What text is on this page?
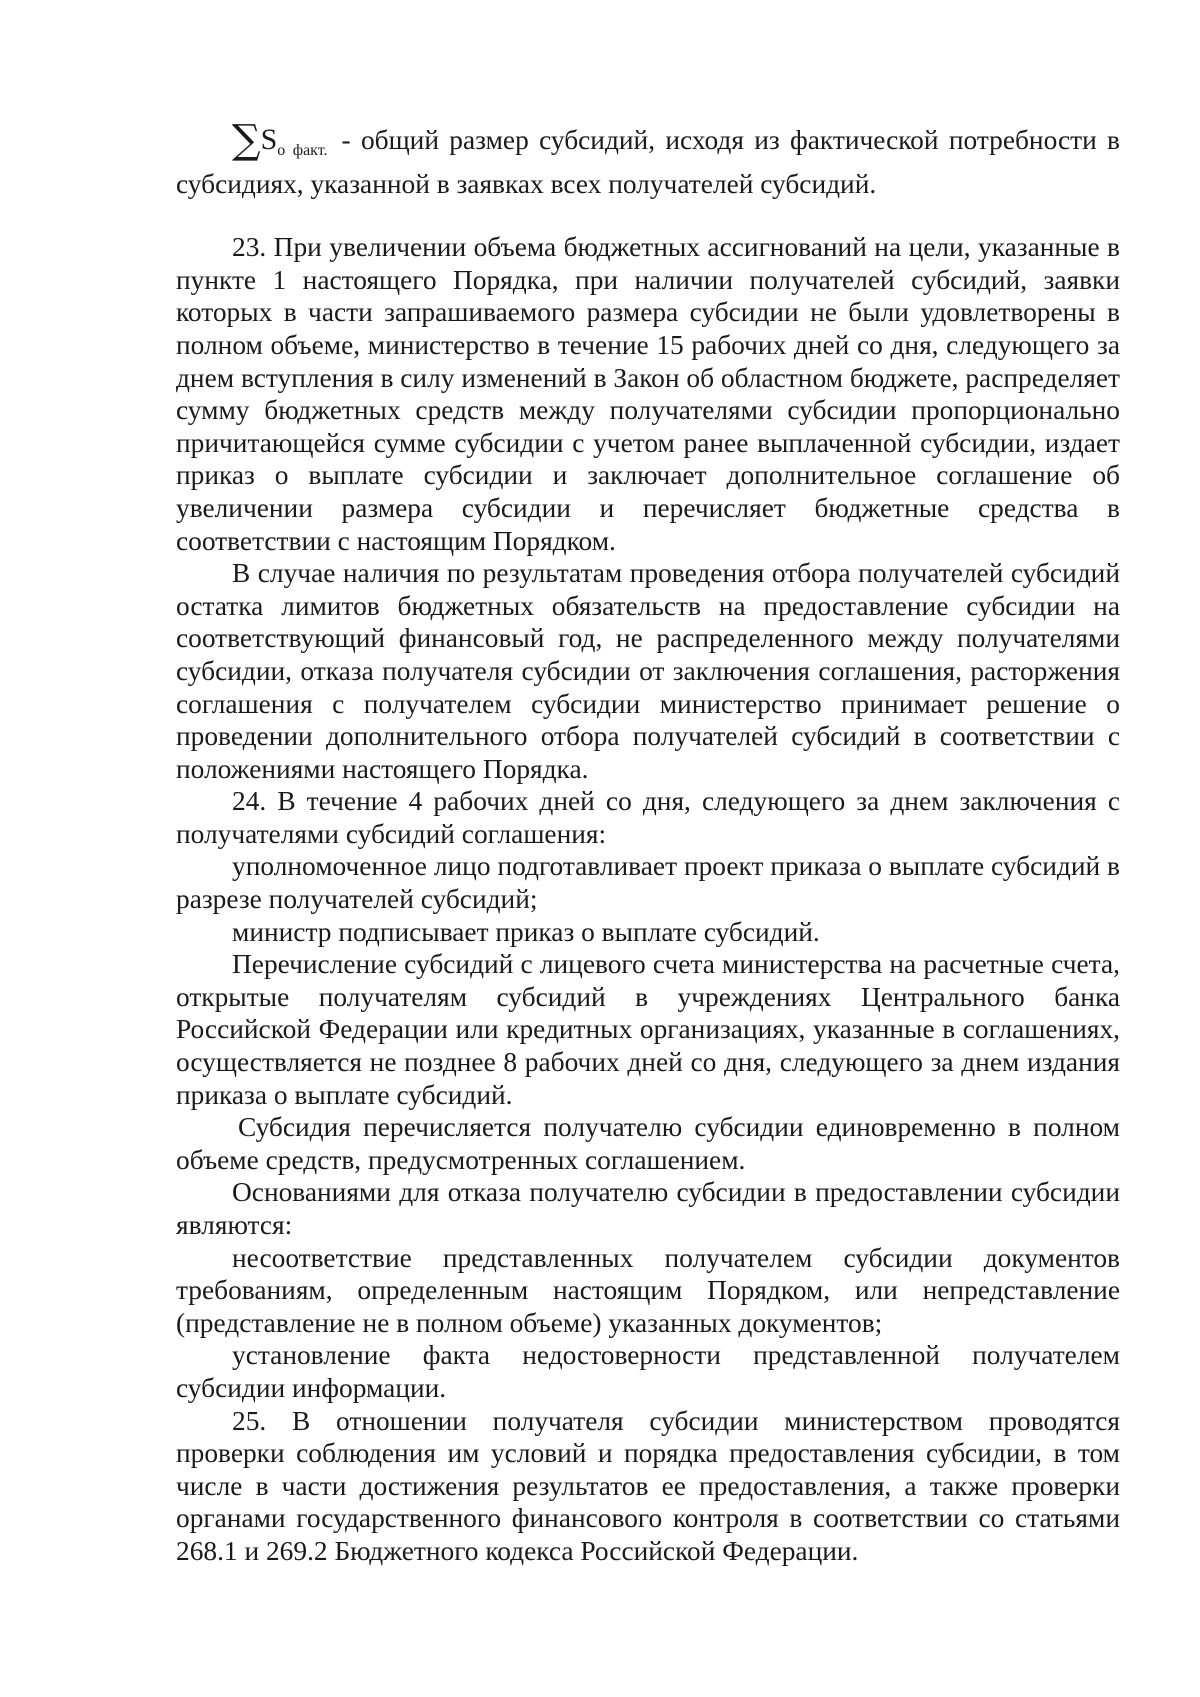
$\sum S_{о факт.}$ - общий размер субсидий, исходя из фактической потребности в субсидиях, указанной в заявках всех получателей субсидий.

23. При увеличении объема бюджетных ассигнований на цели, указанные в пункте 1 настоящего Порядка, при наличии получателей субсидий, заявки которых в части запрашиваемого размера субсидии не были удовлетворены в полном объеме, министерство в течение 15 рабочих дней со дня, следующего за днем вступления в силу изменений в Закон об областном бюджете, распределяет сумму бюджетных средств между получателями субсидии пропорционально причитающейся сумме субсидии с учетом ранее выплаченной субсидии, издает приказ о выплате субсидии и заключает дополнительное соглашение об увеличении размера субсидии и перечисляет бюджетные средства в соответствии с настоящим Порядком.

В случае наличия по результатам проведения отбора получателей субсидий остатка лимитов бюджетных обязательств на предоставление субсидии на соответствующий финансовый год, не распределенного между получателями субсидии, отказа получателя субсидии от заключения соглашения, расторжения соглашения с получателем субсидии министерство принимает решение о проведении дополнительного отбора получателей субсидий в соответствии с положениями настоящего Порядка.

24. В течение 4 рабочих дней со дня, следующего за днем заключения с получателями субсидий соглашения:

уполномоченное лицо подготавливает проект приказа о выплате субсидий в разрезе получателей субсидий;

министр подписывает приказ о выплате субсидий.

Перечисление субсидий с лицевого счета министерства на расчетные счета, открытые получателям субсидий в учреждениях Центрального банка Российской Федерации или кредитных организациях, указанные в соглашениях, осуществляется не позднее 8 рабочих дней со дня, следующего за днем издания приказа о выплате субсидий.

Субсидия перечисляется получателю субсидии единовременно в полном объеме средств, предусмотренных соглашением.

Основаниями для отказа получателю субсидии в предоставлении субсидии являются:

несоответствие представленных получателем субсидии документов требованиям, определенным настоящим Порядком, или непредставление (представление не в полном объеме) указанных документов;

установление факта недостоверности представленной получателем субсидии информации.

25. В отношении получателя субсидии министерством проводятся проверки соблюдения им условий и порядка предоставления субсидии, в том числе в части достижения результатов ее предоставления, а также проверки органами государственного финансового контроля в соответствии со статьями 268.1 и 269.2 Бюджетного кодекса Российской Федерации.
